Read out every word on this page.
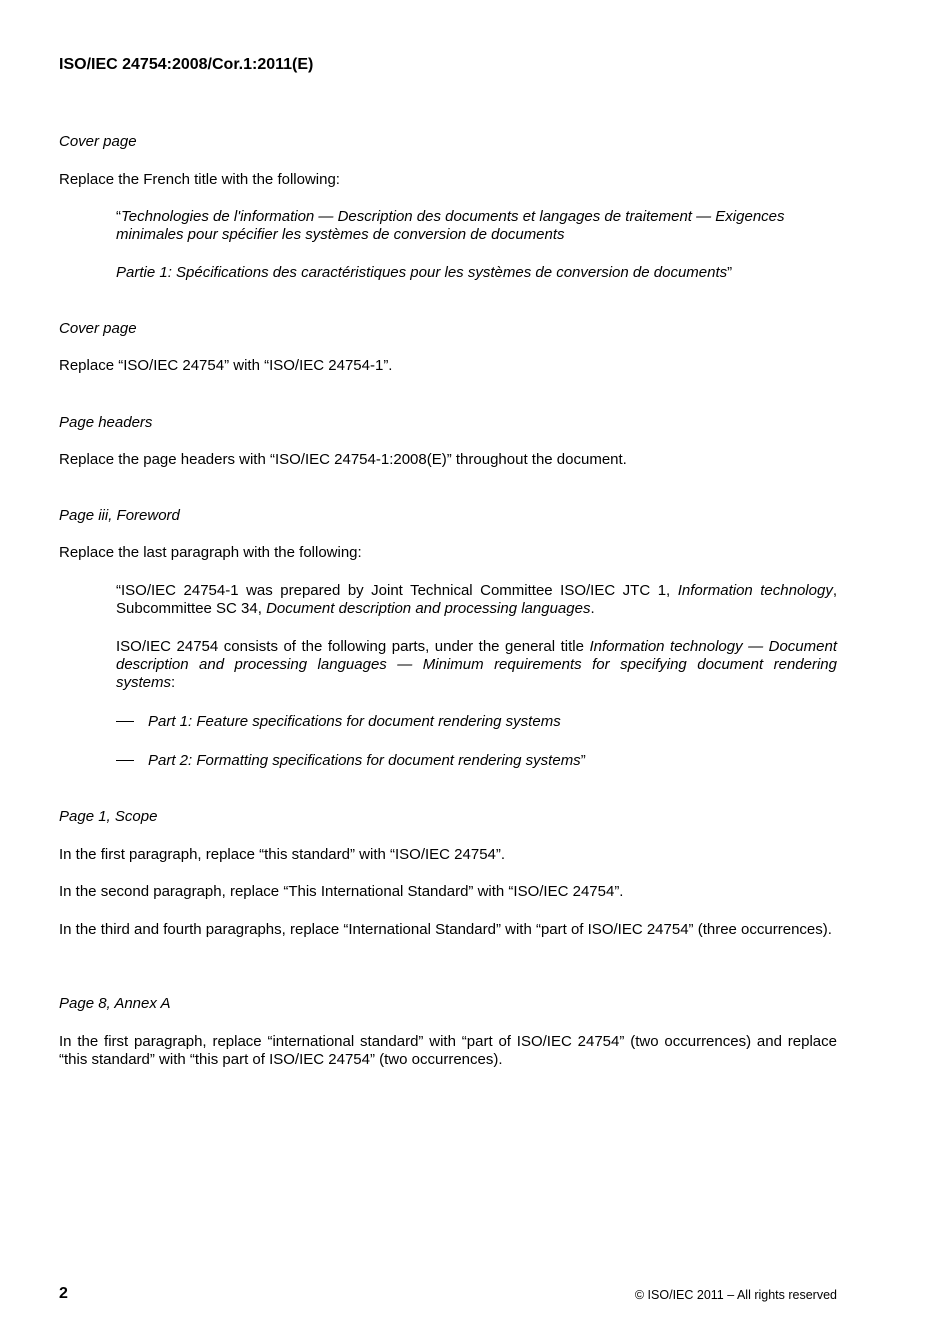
ISO/IEC 24754:2008/Cor.1:2011(E)

Cover page

Replace the French title with the following:

“Technologies de l'information — Description des documents et langages de traitement — Exigences minimales pour spécifier les systèmes de conversion de documents

Partie 1: Spécifications des caractéristiques pour les systèmes de conversion de documents”

Cover page

Replace “ISO/IEC 24754” with “ISO/IEC 24754-1”.

Page headers

Replace the page headers with “ISO/IEC 24754-1:2008(E)” throughout the document.

Page iii, Foreword

Replace the last paragraph with the following:

“ISO/IEC 24754-1 was prepared by Joint Technical Committee ISO/IEC JTC 1, Information technology, Subcommittee SC 34, Document description and processing languages.

ISO/IEC 24754 consists of the following parts, under the general title Information technology — Document description and processing languages — Minimum requirements for specifying document rendering systems:

Part 1: Feature specifications for document rendering systems
Part 2: Formatting specifications for document rendering systems”

Page 1, Scope

In the first paragraph, replace “this standard” with “ISO/IEC 24754”.

In the second paragraph, replace “This International Standard” with “ISO/IEC 24754”.

In the third and fourth paragraphs, replace “International Standard” with “part of ISO/IEC 24754” (three occurrences).

Page 8, Annex A

In the first paragraph, replace “international standard” with “part of ISO/IEC 24754” (two occurrences) and replace “this standard” with “this part of ISO/IEC 24754” (two occurrences).

2	© ISO/IEC 2011 – All rights reserved
